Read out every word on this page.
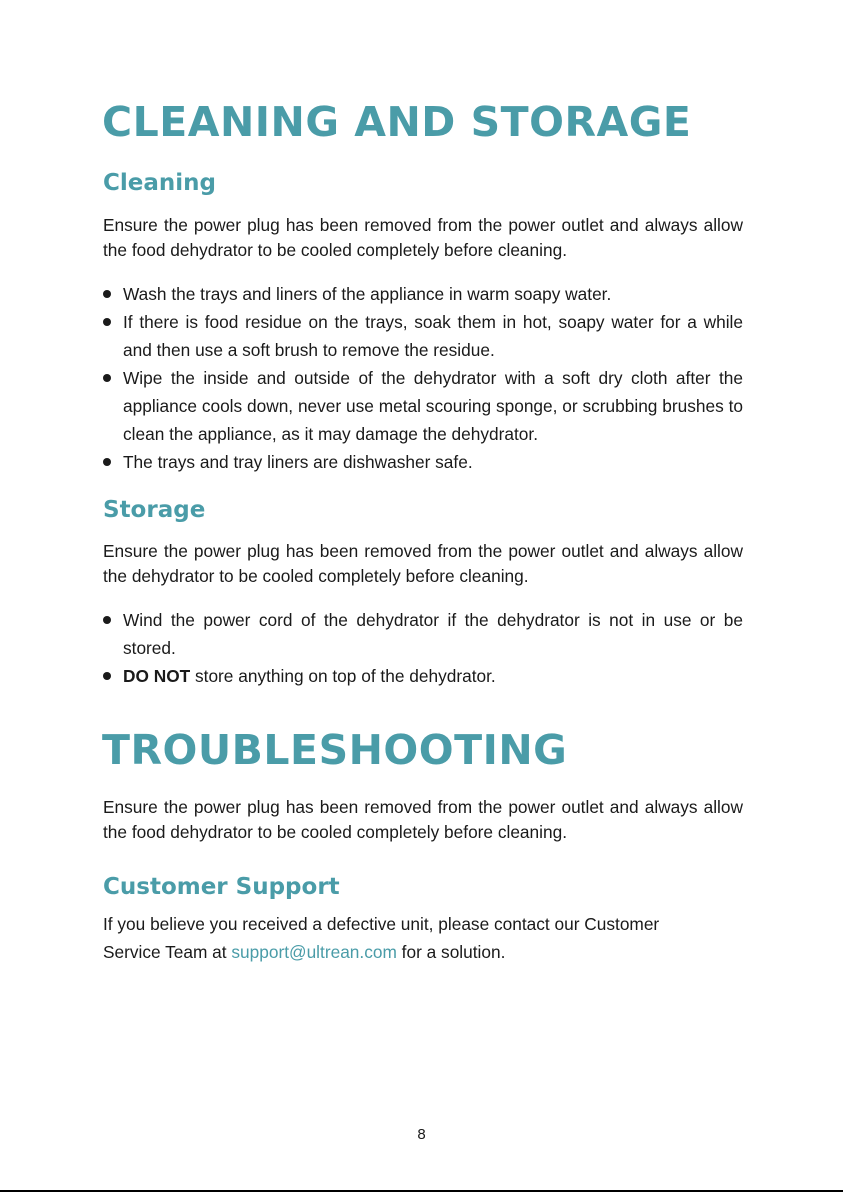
CLEANING AND STORAGE
Cleaning

Ensure the power plug has been removed from the power outlet and always allow the food dehydrator to be cooled completely before cleaning.

Wash the trays and liners of the appliance in warm soapy water.
If there is food residue on the trays, soak them in hot, soapy water for a while and then use a soft brush to remove the residue.
Wipe the inside and outside of the dehydrator with a soft dry cloth after the appliance cools down, never use metal scouring sponge, or scrubbing brushes to clean the appliance, as it may damage the dehydrator.
The trays and tray liners are dishwasher safe.
Storage

Ensure the power plug has been removed from the power outlet and always allow the dehydrator to be cooled completely before cleaning.

Wind the power cord of the dehydrator if the dehydrator is not in use or be stored.
DO NOT store anything on top of the dehydrator.
TROUBLESHOOTING

Ensure the power plug has been removed from the power outlet and always allow the food dehydrator to be cooled completely before cleaning.

Customer Support

If you believe you received a defective unit, please contact our Customer
Service Team at support@ultrean.com for a solution.

8
